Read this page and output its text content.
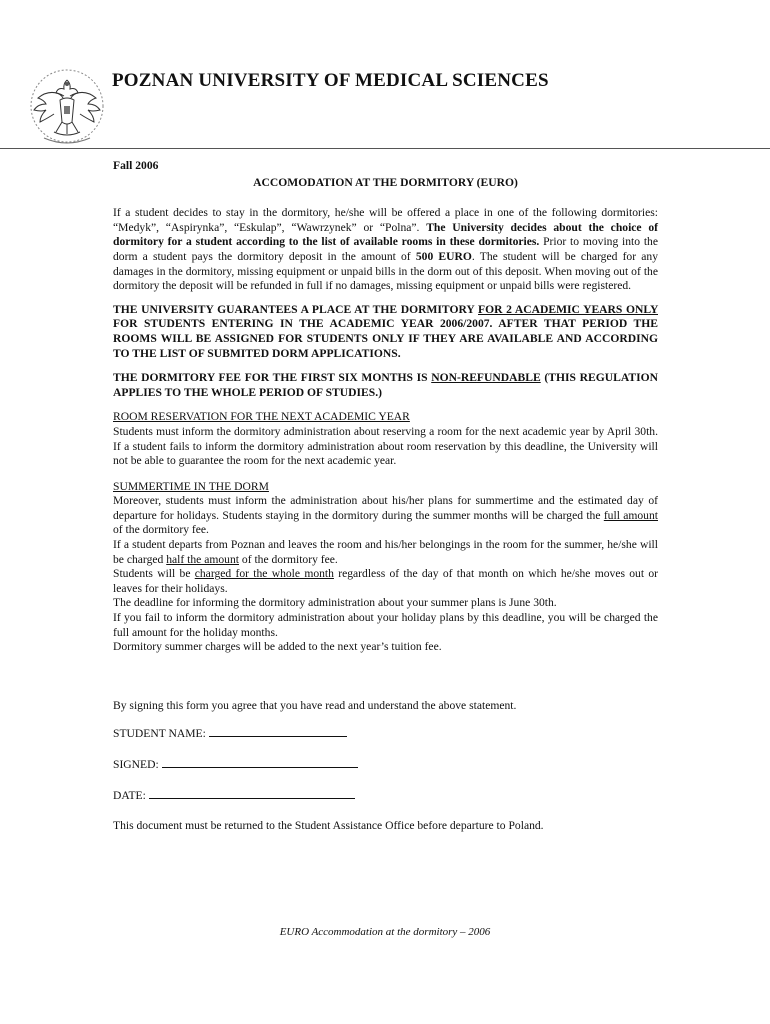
POZNAN UNIVERSITY OF MEDICAL SCIENCES
Fall 2006
ACCOMODATION AT THE DORMITORY (EURO)

If a student decides to stay in the dormitory, he/she will be offered a place in one of the following dormitories: “Medyk”, “Aspirynka”, “Eskulap”, “Wawrzynek” or “Polna”. The University decides about the choice of dormitory for a student according to the list of available rooms in these dormitories. Prior to moving into the dorm a student pays the dormitory deposit in the amount of 500 EURO. The student will be charged for any damages in the dormitory, missing equipment or unpaid bills in the dorm out of this deposit. When moving out of the dormitory the deposit will be refunded in full if no damages, missing equipment or unpaid bills were registered.

THE UNIVERSITY GUARANTEES A PLACE AT THE DORMITORY FOR 2 ACADEMIC YEARS ONLY FOR STUDENTS ENTERING IN THE ACADEMIC YEAR 2006/2007. AFTER THAT PERIOD THE ROOMS WILL BE ASSIGNED FOR STUDENTS ONLY IF THEY ARE AVAILABLE AND ACCORDING TO THE LIST OF SUBMITED DORM APPLICATIONS.
THE DORMITORY FEE FOR THE FIRST SIX MONTHS IS NON-REFUNDABLE (THIS REGULATION APPLIES TO THE WHOLE PERIOD OF STUDIES.)
ROOM RESERVATION FOR THE NEXT ACADEMIC YEAR
Students must inform the dormitory administration about reserving a room for the next academic year by April 30th. If a student fails to inform the dormitory administration about room reservation by this deadline, the University will not be able to guarantee the room for the next academic year.
SUMMERTIME IN THE DORM
Moreover, students must inform the administration about his/her plans for summertime and the estimated day of departure for holidays. Students staying in the dormitory during the summer months will be charged the full amount of the dormitory fee.
If a student departs from Poznan and leaves the room and his/her belongings in the room for the summer, he/she will be charged half the amount of the dormitory fee.
Students will be charged for the whole month regardless of the day of that month on which he/she moves out or leaves for their holidays.
The deadline for informing the dormitory administration about your summer plans is June 30th.
If you fail to inform the dormitory administration about your holiday plans by this deadline, you will be charged the full amount for the holiday months.
Dormitory summer charges will be added to the next year’s tuition fee.

By signing this form you agree that you have read and understand the above statement.

STUDENT NAME:
SIGNED:
DATE:

This document must be returned to the Student Assistance Office before departure to Poland.

EURO Accommodation at the dormitory – 2006
